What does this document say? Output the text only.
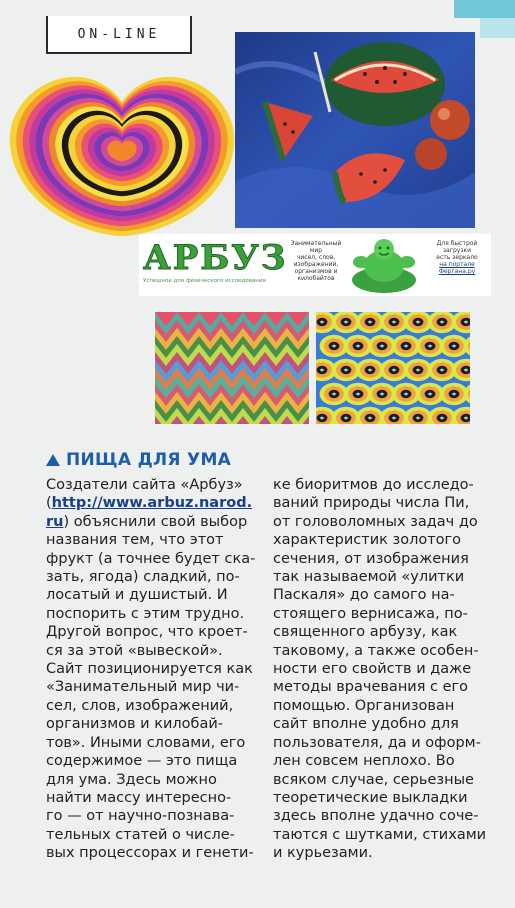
ON-LINE
АРБУЗ
Успешное для физического исследования
Занимательный
мир
чисел, слов,
изображений,
организмов и
килобайтов
Для быстрой
загрузки
есть зеркало
на портале
Ферганa.ру
ПИЩА ДЛЯ УМА
Создатели сайта «Арбуз»
(http://www.arbuz.narod.
ru) объяснили свой выбор
названия тем, что этот
фрукт (а точнее будет ска-
зать, ягода) сладкий, по-
лосатый и душистый. И
поспорить с этим трудно.
Другой вопрос, что кроет-
ся за этой «вывеской».
Сайт позиционируется как
«Занимательный мир чи-
сел, слов, изображений,
организмов и килобай-
тов». Иными словами, его
содержимое — это пища
для ума. Здесь можно
найти массу интересно-
го — от научно-познава-
тельных статей о числе-
вых процессорах и генети-
ке биоритмов до исследо-
ваний природы числа Пи,
от головоломных задач до
характеристик золотого
сечения, от изображения
так называемой «улитки
Паскаля» до самого на-
стоящего вернисажа, по-
священного арбузу, как
таковому, а также особен-
ности его свойств и даже
методы врачевания с его
помощью. Организован
сайт вполне удобно для
пользователя, да и оформ-
лен совсем неплохо. Во
всяком случае, серьезные
теоретические выкладки
здесь вполне удачно соче-
таются с шутками, стихами
и курьезами.
